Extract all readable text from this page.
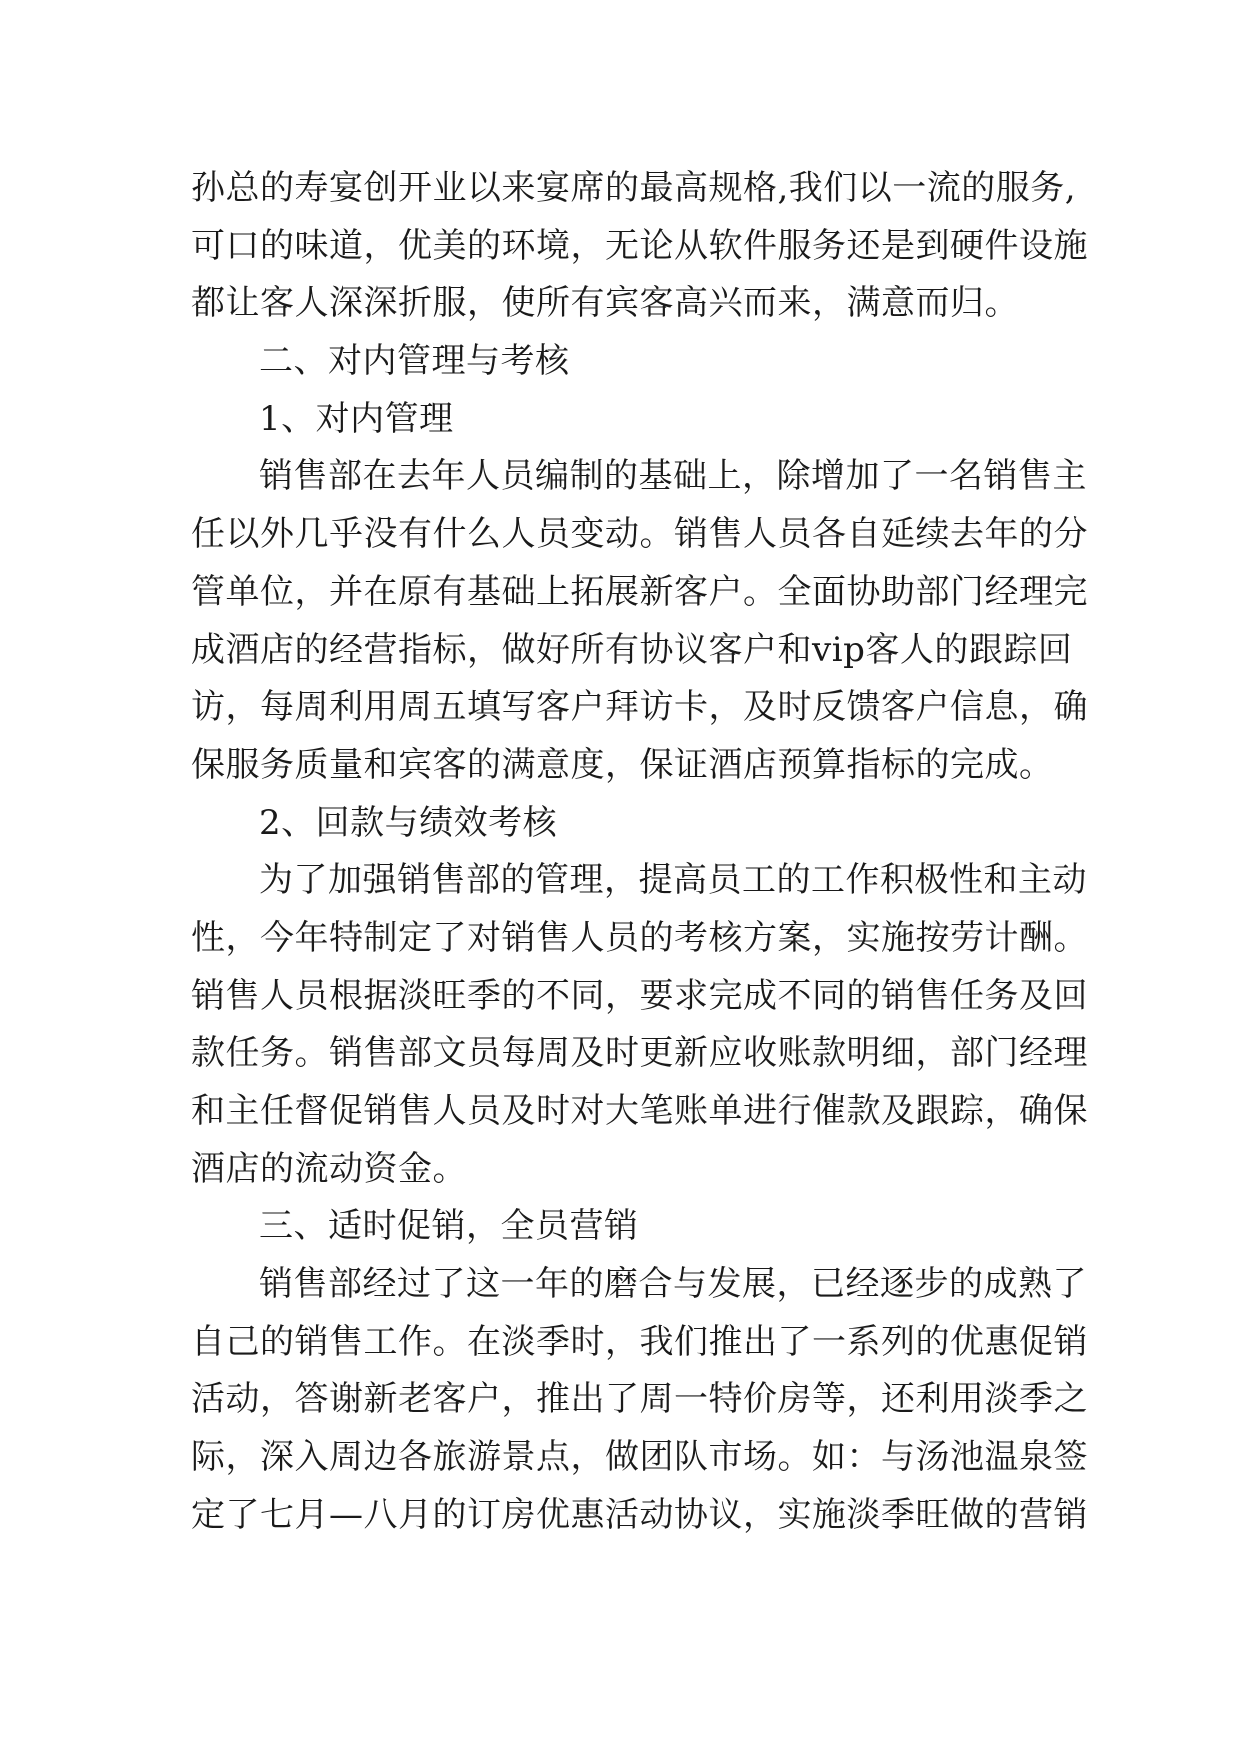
孙总的寿宴创开业以来宴席的最高规格,我们以一流的服务,
可口的味道，优美的环境，无论从软件服务还是到硬件设施
都让客人深深折服，使所有宾客高兴而来，满意而归。
二、对内管理与考核
1、对内管理
销售部在去年人员编制的基础上，除增加了一名销售主
任以外几乎没有什么人员变动。销售人员各自延续去年的分
管单位，并在原有基础上拓展新客户。全面协助部门经理完
成酒店的经营指标，做好所有协议客户和vip客人的跟踪回
访，每周利用周五填写客户拜访卡，及时反馈客户信息，确
保服务质量和宾客的满意度，保证酒店预算指标的完成。
2、回款与绩效考核
为了加强销售部的管理，提高员工的工作积极性和主动
性，今年特制定了对销售人员的考核方案，实施按劳计酬。
销售人员根据淡旺季的不同，要求完成不同的销售任务及回
款任务。销售部文员每周及时更新应收账款明细，部门经理
和主任督促销售人员及时对大笔账单进行催款及跟踪，确保
酒店的流动资金。
三、适时促销，全员营销
销售部经过了这一年的磨合与发展，已经逐步的成熟了
自己的销售工作。在淡季时，我们推出了一系列的优惠促销
活动，答谢新老客户，推出了周一特价房等，还利用淡季之
际，深入周边各旅游景点，做团队市场。如：与汤池温泉签
定了七月—八月的订房优惠活动协议，实施淡季旺做的营销
